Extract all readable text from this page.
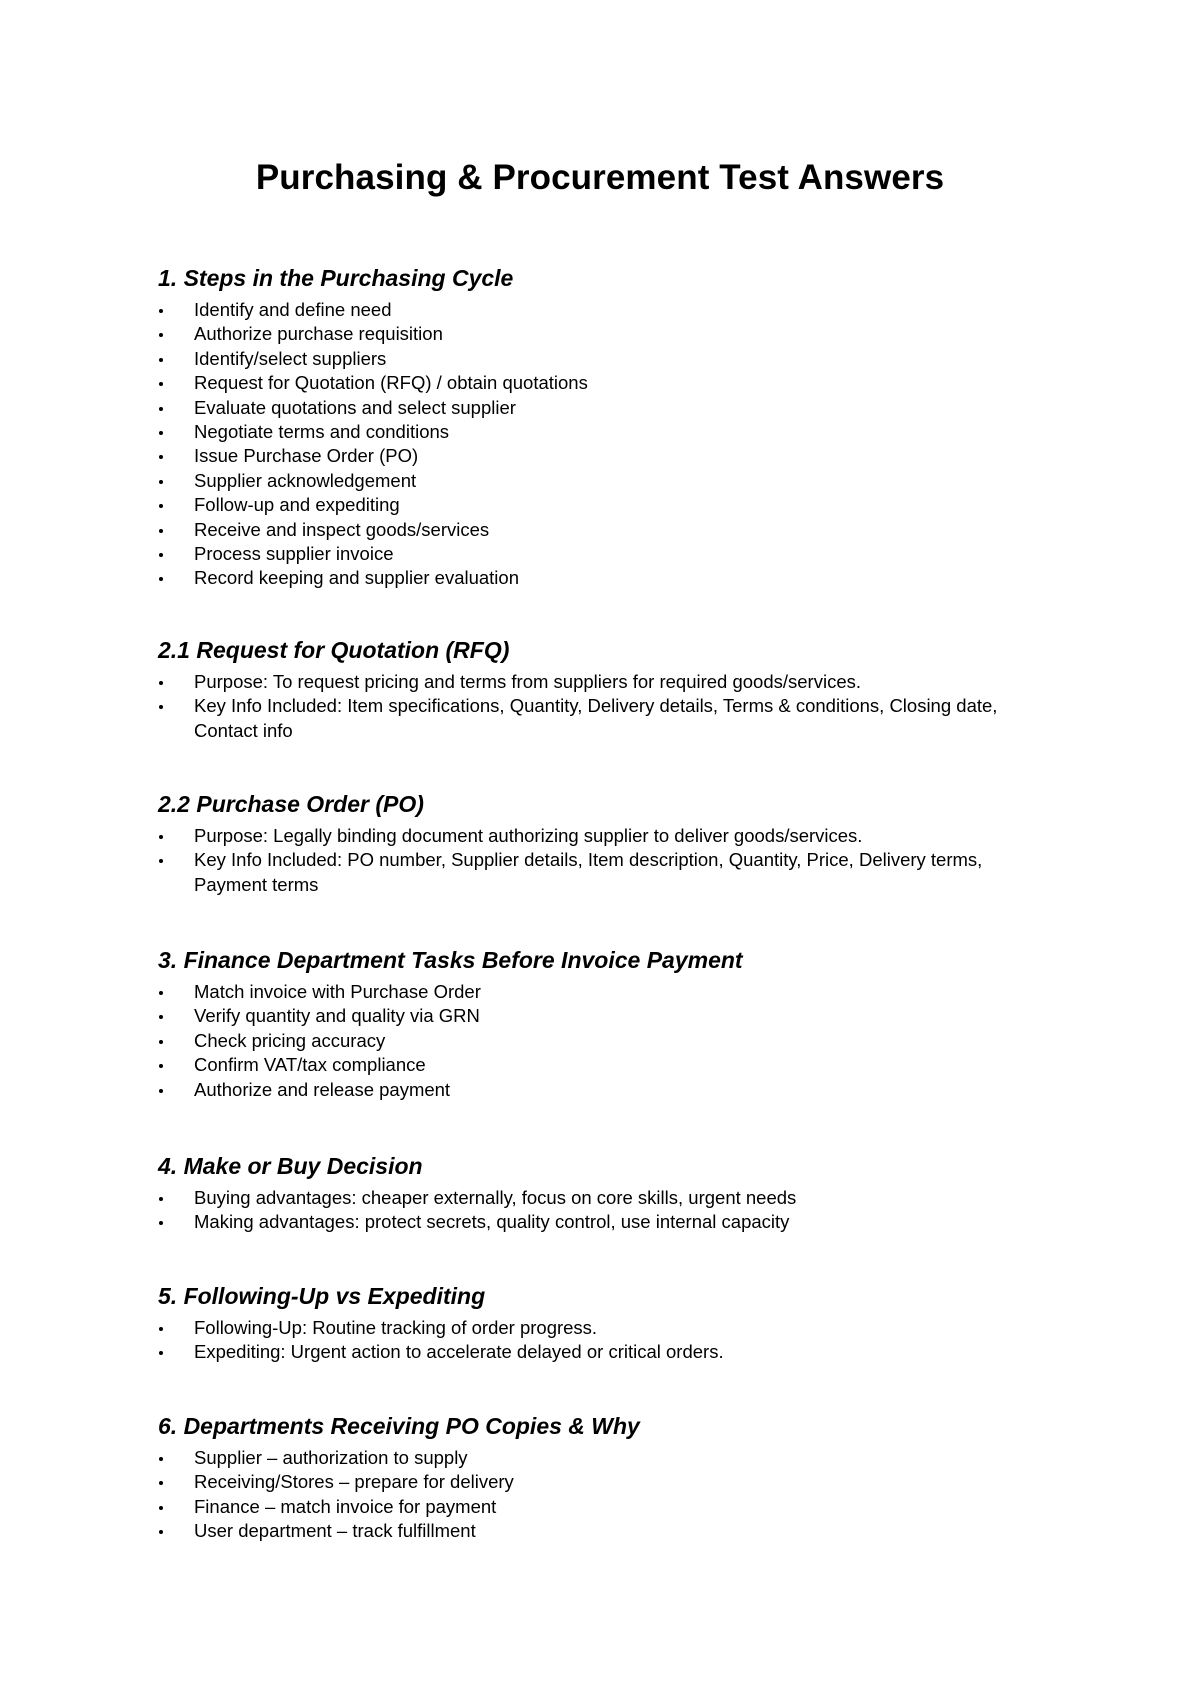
Purchasing & Procurement Test Answers
1. Steps in the Purchasing Cycle
Identify and define need
Authorize purchase requisition
Identify/select suppliers
Request for Quotation (RFQ) / obtain quotations
Evaluate quotations and select supplier
Negotiate terms and conditions
Issue Purchase Order (PO)
Supplier acknowledgement
Follow-up and expediting
Receive and inspect goods/services
Process supplier invoice
Record keeping and supplier evaluation
2.1 Request for Quotation (RFQ)
Purpose: To request pricing and terms from suppliers for required goods/services.
Key Info Included: Item specifications, Quantity, Delivery details, Terms & conditions, Closing date, Contact info
2.2 Purchase Order (PO)
Purpose: Legally binding document authorizing supplier to deliver goods/services.
Key Info Included: PO number, Supplier details, Item description, Quantity, Price, Delivery terms, Payment terms
3. Finance Department Tasks Before Invoice Payment
Match invoice with Purchase Order
Verify quantity and quality via GRN
Check pricing accuracy
Confirm VAT/tax compliance
Authorize and release payment
4. Make or Buy Decision
Buying advantages: cheaper externally, focus on core skills, urgent needs
Making advantages: protect secrets, quality control, use internal capacity
5. Following-Up vs Expediting
Following-Up: Routine tracking of order progress.
Expediting: Urgent action to accelerate delayed or critical orders.
6. Departments Receiving PO Copies & Why
Supplier – authorization to supply
Receiving/Stores – prepare for delivery
Finance – match invoice for payment
User department – track fulfillment
